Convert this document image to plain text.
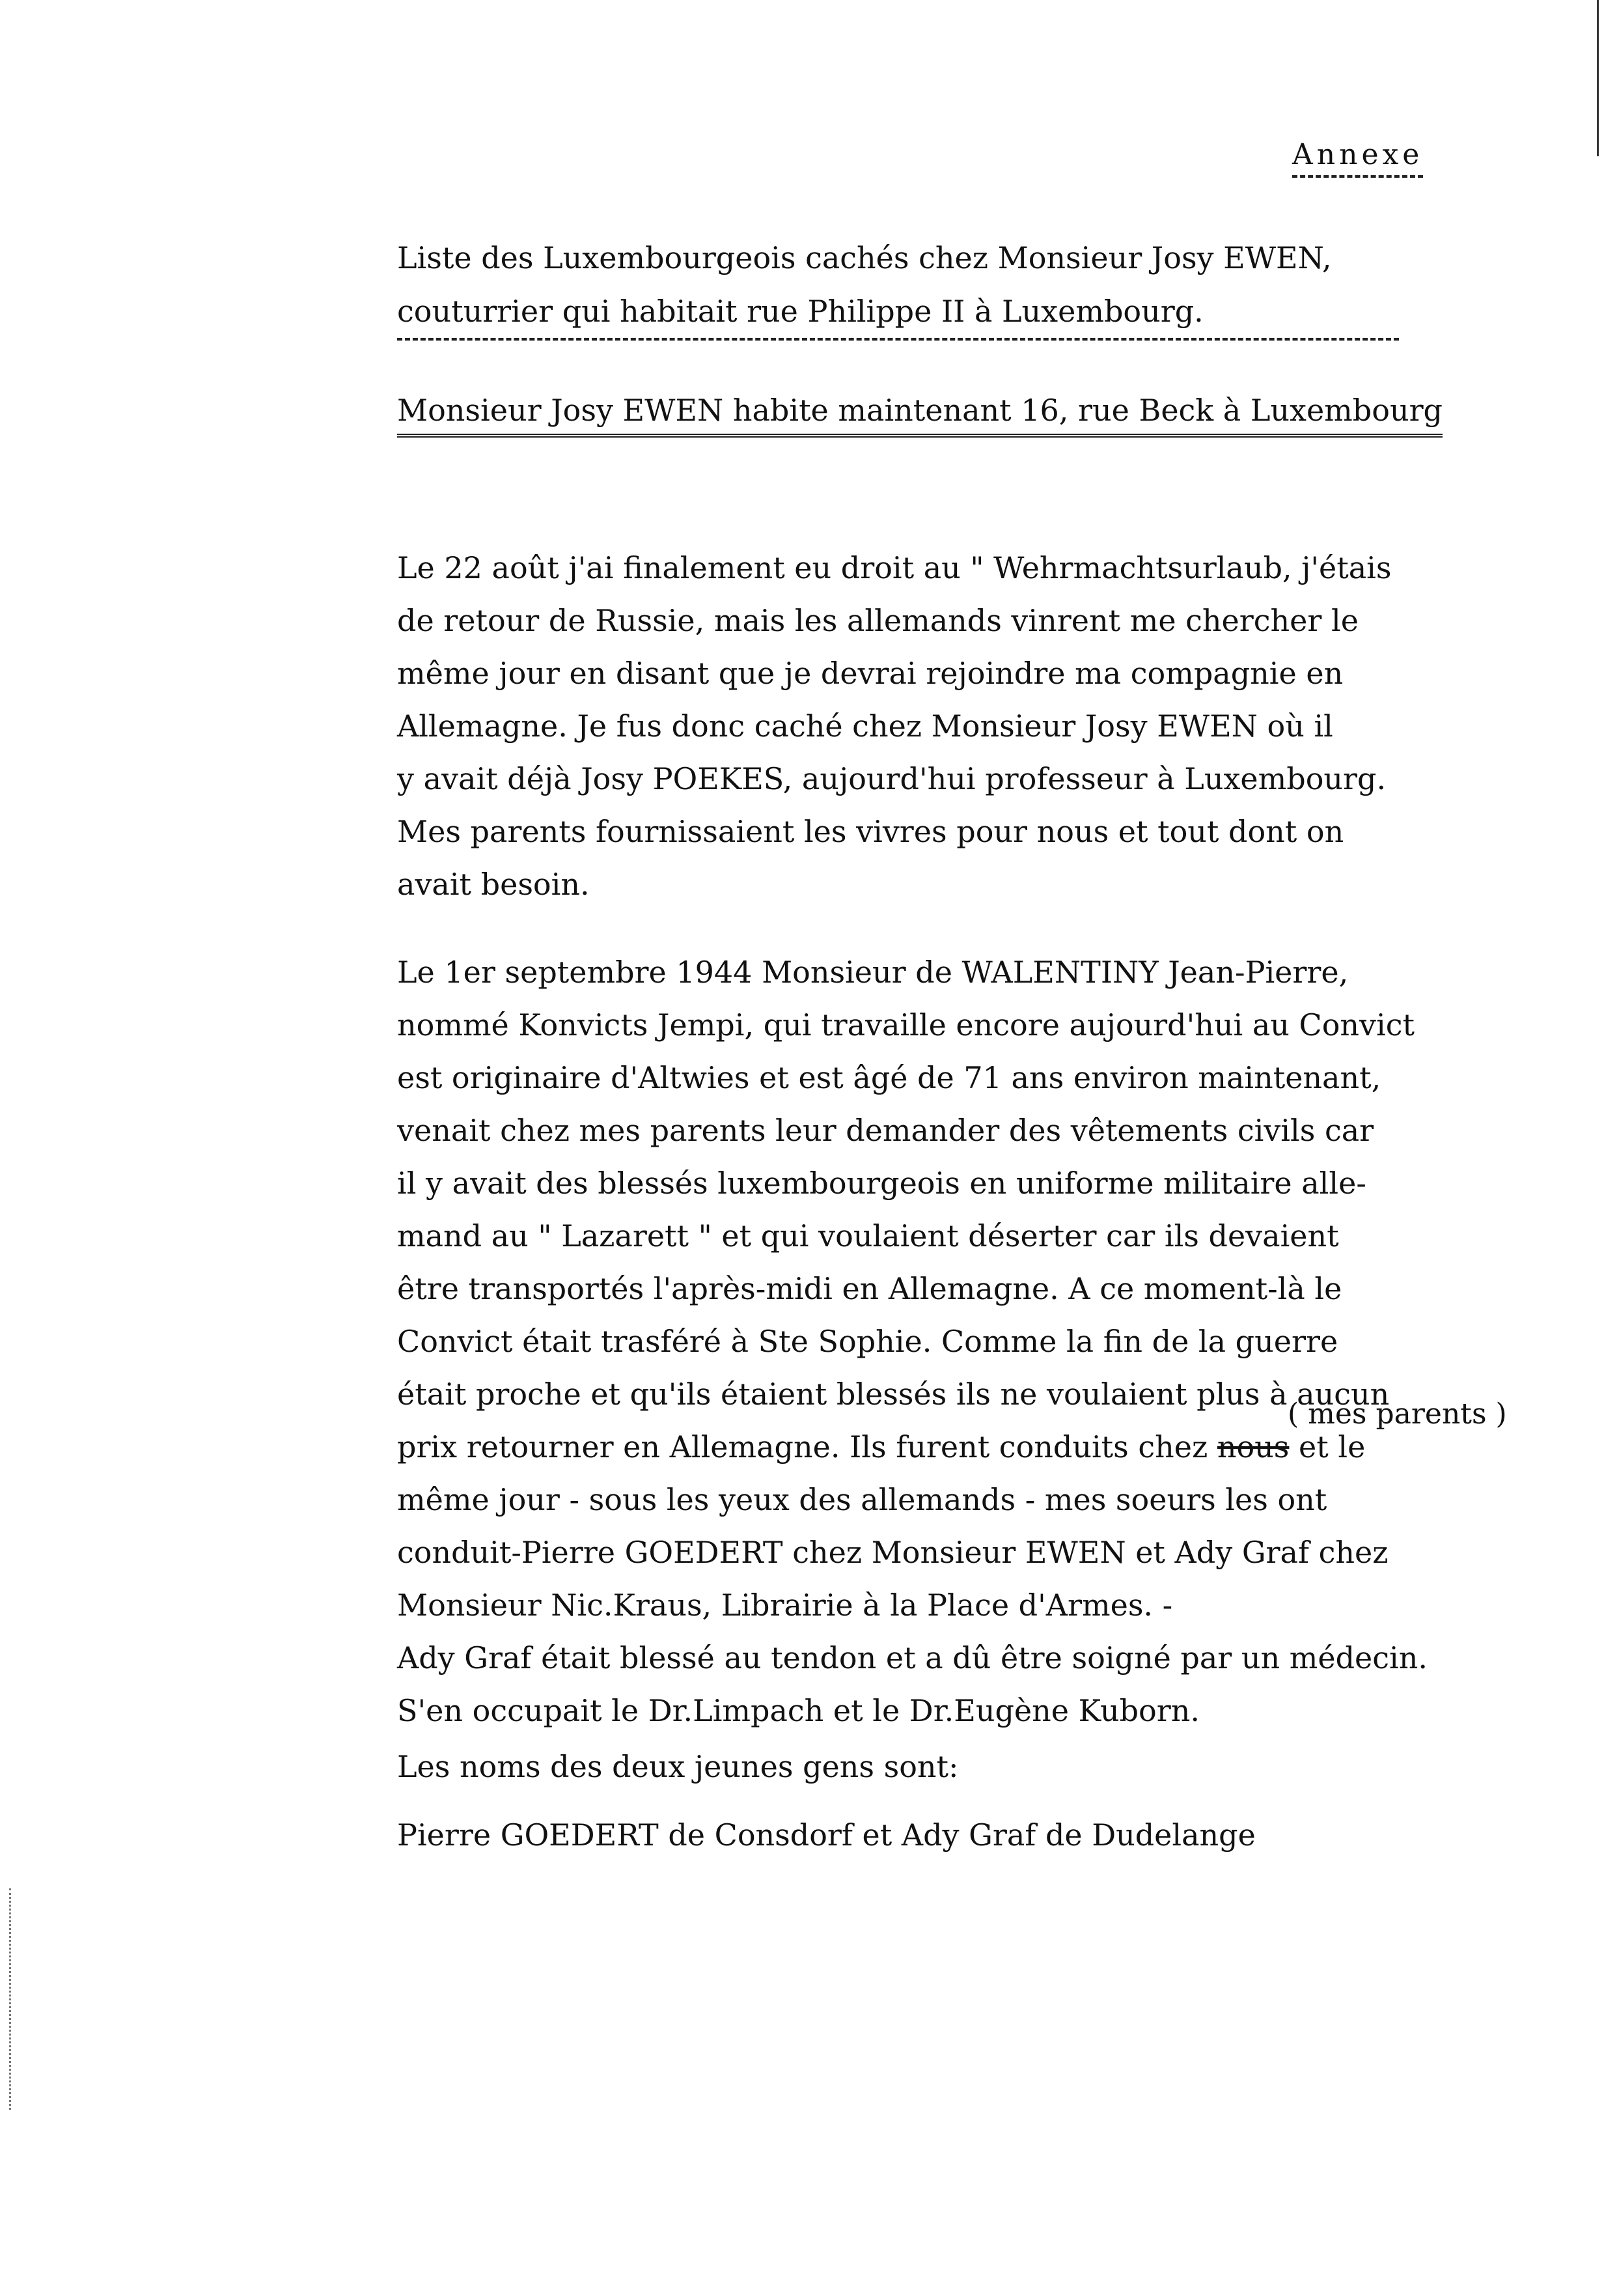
Annexe
Liste des Luxembourgeois cachés chez Monsieur Josy EWEN,
couturrier qui habitait rue Philippe II à Luxembourg.
Monsieur Josy EWEN habite maintenant 16, rue Beck à Luxembourg
Le 22 août j'ai finalement eu droit au " Wehrmachtsurlaub, j'étais
de retour de Russie, mais les allemands vinrent me chercher le
même jour en disant que je devrai rejoindre ma compagnie en
Allemagne. Je fus donc caché chez Monsieur Josy EWEN où il
y avait déjà Josy POEKES, aujourd'hui professeur à Luxembourg.
Mes parents fournissaient les vivres pour nous et tout dont on
avait besoin.
Le 1er septembre 1944 Monsieur de WALENTINY Jean-Pierre,
nommé Konvicts Jempi, qui travaille encore aujourd'hui au Convict
est originaire d'Altwies et est âgé de 71 ans environ maintenant,
venait chez mes parents leur demander des vêtements civils car
il y avait des blessés luxembourgeois en uniforme militaire alle-
mand au " Lazarett " et qui voulaient déserter car ils devaient
être transportés l'après-midi en Allemagne. A ce moment-là le
Convict était trasféré à Ste Sophie. Comme la fin de la guerre
était proche et qu'ils étaient blessés ils ne voulaient plus à aucun
prix retourner en Allemagne. Ils furent conduits chez nous et le
même jour - sous les yeux des allemands - mes soeurs les ont
conduit-Pierre GOEDERT chez Monsieur EWEN et Ady Graf chez
Monsieur Nic.Kraus, Librairie à la Place d'Armes. -
Ady Graf était blessé au tendon et a dû être soigné par un médecin.
S'en occupait le Dr.Limpach et le Dr.Eugène Kuborn.
( mes parents )
Les noms des deux jeunes gens sont:
Pierre GOEDERT de Consdorf et Ady Graf de Dudelange
